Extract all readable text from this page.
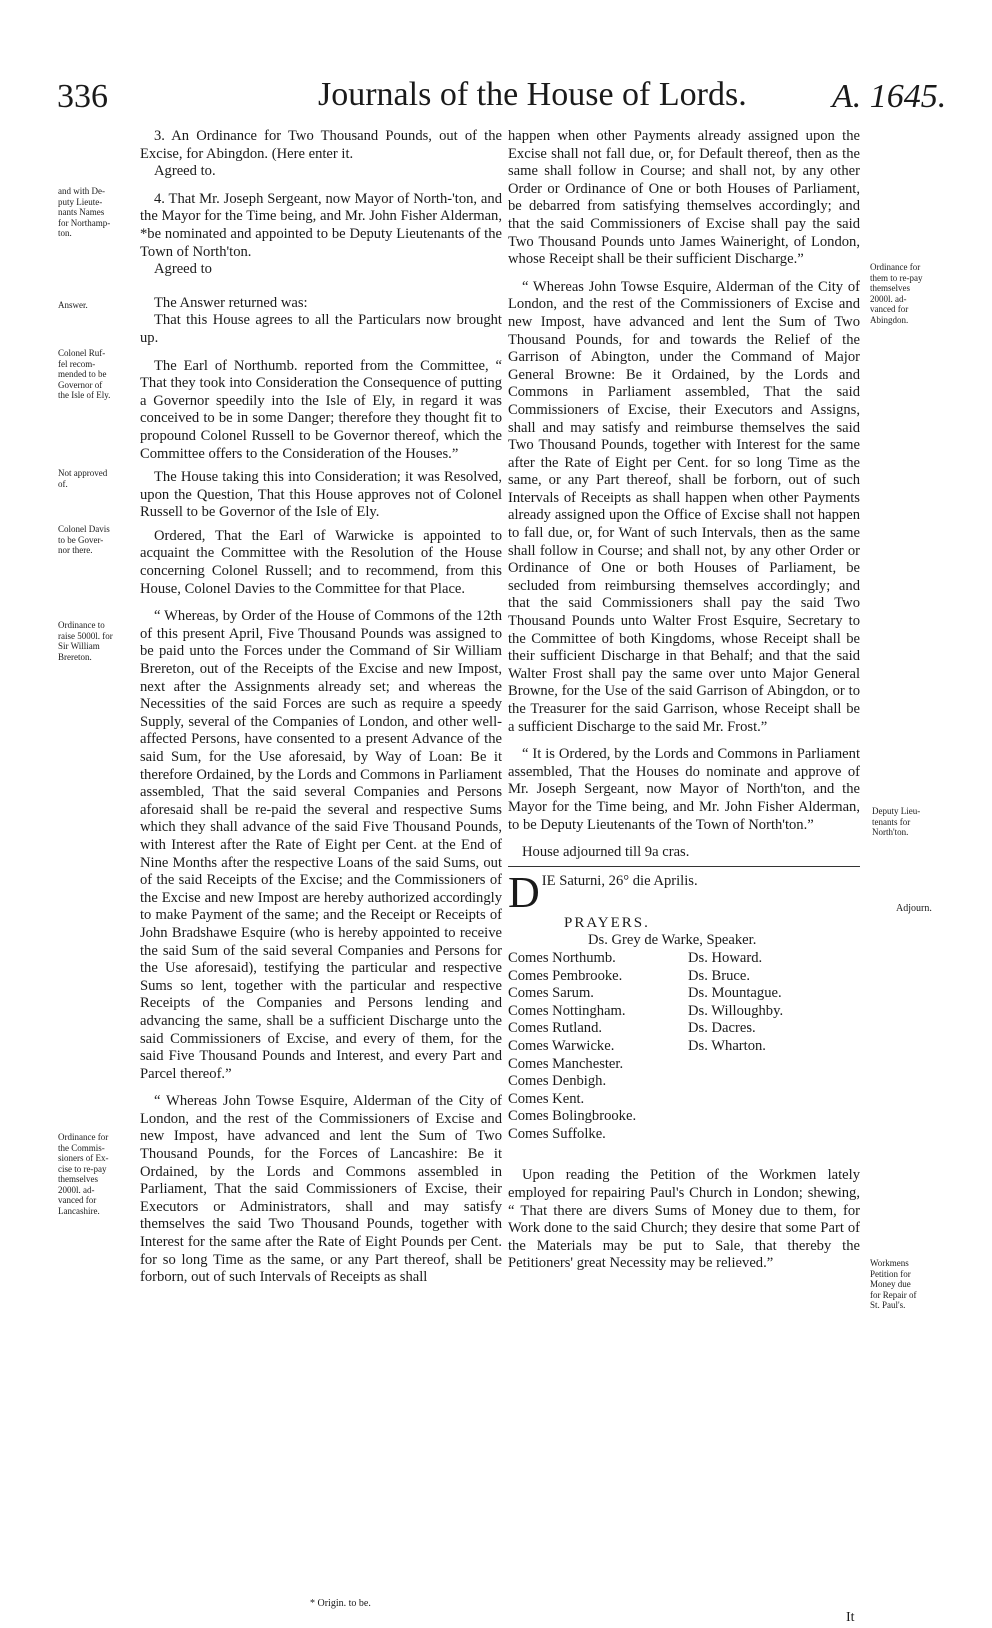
336	Journals of the House of Lords.	A. 1645.
and with De-
puty Lieute-
nants Names
for Northamp-
ton.
Answer.
Colonel Ruf-
fel recom-
mended to be
Governor of
the Isle of Ely.
Not approved
of.
Colonel Davis
to be Gover-
nor there.
Ordinance to
raise 5000l. for
Sir William
Brereton.
Ordinance for
the Commis-
sioners of Ex-
cise to re-pay
themselves
2000l. ad-
vanced for
Lancashire.
Ordinance for
them to re-pay
themselves
2000l. ad-
vanced for
Abingdon.
Deputy Lieu-
tenants for
North'ton.
Adjourn.
Workmens
Petition for
Money due
for Repair of
St. Paul's.

3. An Ordinance for Two Thousand Pounds, out of the Excise, for Abingdon. (Here enter it.

Agreed to.

4. That Mr. Joseph Sergeant, now Mayor of North-'ton, and the Mayor for the Time being, and Mr. John Fisher Alderman, *be nominated and appointed to be Deputy Lieutenants of the Town of North'ton.

Agreed to

The Answer returned was:

That this House agrees to all the Particulars now brought up.

The Earl of Northumb. reported from the Committee, “ That they took into Consideration the Consequence of putting a Governor speedily into the Isle of Ely, in regard it was conceived to be in some Danger; therefore they thought fit to propound Colonel Russell to be Governor thereof, which the Committee offers to the Consideration of the Houses.”

The House taking this into Consideration; it was Resolved, upon the Question, That this House approves not of Colonel Russell to be Governor of the Isle of Ely.

Ordered, That the Earl of Warwicke is appointed to acquaint the Committee with the Resolution of the House concerning Colonel Russell; and to recommend, from this House, Colonel Davies to the Committee for that Place.

“ Whereas, by Order of the House of Commons of the 12th of this present April, Five Thousand Pounds was assigned to be paid unto the Forces under the Command of Sir William Brereton, out of the Receipts of the Excise and new Impost, next after the Assignments already set; and whereas the Necessities of the said Forces are such as require a speedy Supply, several of the Companies of London, and other well-affected Persons, have consented to a present Advance of the said Sum, for the Use aforesaid, by Way of Loan: Be it therefore Ordained, by the Lords and Commons in Parliament assembled, That the said several Companies and Persons aforesaid shall be re-paid the several and respective Sums which they shall advance of the said Five Thousand Pounds, with Interest after the Rate of Eight per Cent. at the End of Nine Months after the respective Loans of the said Sums, out of the said Receipts of the Excise; and the Commissioners of the Excise and new Impost are hereby authorized accordingly to make Payment of the same; and the Receipt or Receipts of John Bradshawe Esquire (who is hereby appointed to receive the said Sum of the said several Companies and Persons for the Use aforesaid), testifying the particular and respective Sums so lent, together with the particular and respective Receipts of the Companies and Persons lending and advancing the same, shall be a sufficient Discharge unto the said Commissioners of Excise, and every of them, for the said Five Thousand Pounds and Interest, and every Part and Parcel thereof.”

“ Whereas John Towse Esquire, Alderman of the City of London, and the rest of the Commissioners of Excise and new Impost, have advanced and lent the Sum of Two Thousand Pounds, for the Forces of Lancashire: Be it Ordained, by the Lords and Commons assembled in Parliament, That the said Commissioners of Excise, their Executors or Administrators, shall and may satisfy themselves the said Two Thousand Pounds, together with Interest for the same after the Rate of Eight Pounds per Cent. for so long Time as the same, or any Part thereof, shall be forborn, out of such Intervals of Receipts as shall

happen when other Payments already assigned upon the Excise shall not fall due, or, for Default thereof, then as the same shall follow in Course; and shall not, by any other Order or Ordinance of One or both Houses of Parliament, be debarred from satisfying themselves accordingly; and that the said Commissioners of Excise shall pay the said Two Thousand Pounds unto James Waineright, of London, whose Receipt shall be their sufficient Discharge.”

“ Whereas John Towse Esquire, Alderman of the City of London, and the rest of the Commissioners of Excise and new Impost, have advanced and lent the Sum of Two Thousand Pounds, for and towards the Relief of the Garrison of Abington, under the Command of Major General Browne: Be it Ordained, by the Lords and Commons in Parliament assembled, That the said Commissioners of Excise, their Executors and Assigns, shall and may satisfy and reimburse themselves the said Two Thousand Pounds, together with Interest for the same after the Rate of Eight per Cent. for so long Time as the same, or any Part thereof, shall be forborn, out of such Intervals of Receipts as shall happen when other Payments already assigned upon the Office of Excise shall not happen to fall due, or, for Want of such Intervals, then as the same shall follow in Course; and shall not, by any other Order or Ordinance of One or both Houses of Parliament, be secluded from reimbursing themselves accordingly; and that the said Commissioners shall pay the said Two Thousand Pounds unto Walter Frost Esquire, Secretary to the Committee of both Kingdoms, whose Receipt shall be their sufficient Discharge in that Behalf; and that the said Walter Frost shall pay the same over unto Major General Browne, for the Use of the said Garrison of Abingdon, or to the Treasurer for the said Garrison, whose Receipt shall be a sufficient Discharge to the said Mr. Frost.”

“ It is Ordered, by the Lords and Commons in Parliament assembled, That the Houses do nominate and approve of Mr. Joseph Sergeant, now Mayor of North'ton, and the Mayor for the Time being, and Mr. John Fisher Alderman, to be Deputy Lieutenants of the Town of North'ton.”

House adjourned till 9a cras.

D IE Saturni, 26° die Aprilis.
PRAYERS.
Ds. Grey de Warke, Speaker.
Comes Northumb.
Comes Pembrooke.
Comes Sarum.
Comes Nottingham.
Comes Rutland.
Comes Warwicke.
Comes Manchester.
Comes Denbigh.
Comes Kent.
Comes Bolingbrooke.
Comes Suffolke.
Ds. Howard.
Ds. Bruce.
Ds. Mountague.
Ds. Willoughby.
Ds. Dacres.
Ds. Wharton.

Upon reading the Petition of the Workmen lately employed for repairing Paul's Church in London; shewing, “ That there are divers Sums of Money due to them, for Work done to the said Church; they desire that some Part of the Materials may be put to Sale, that thereby the Petitioners' great Necessity may be relieved.”

* Origin. to be.
It
